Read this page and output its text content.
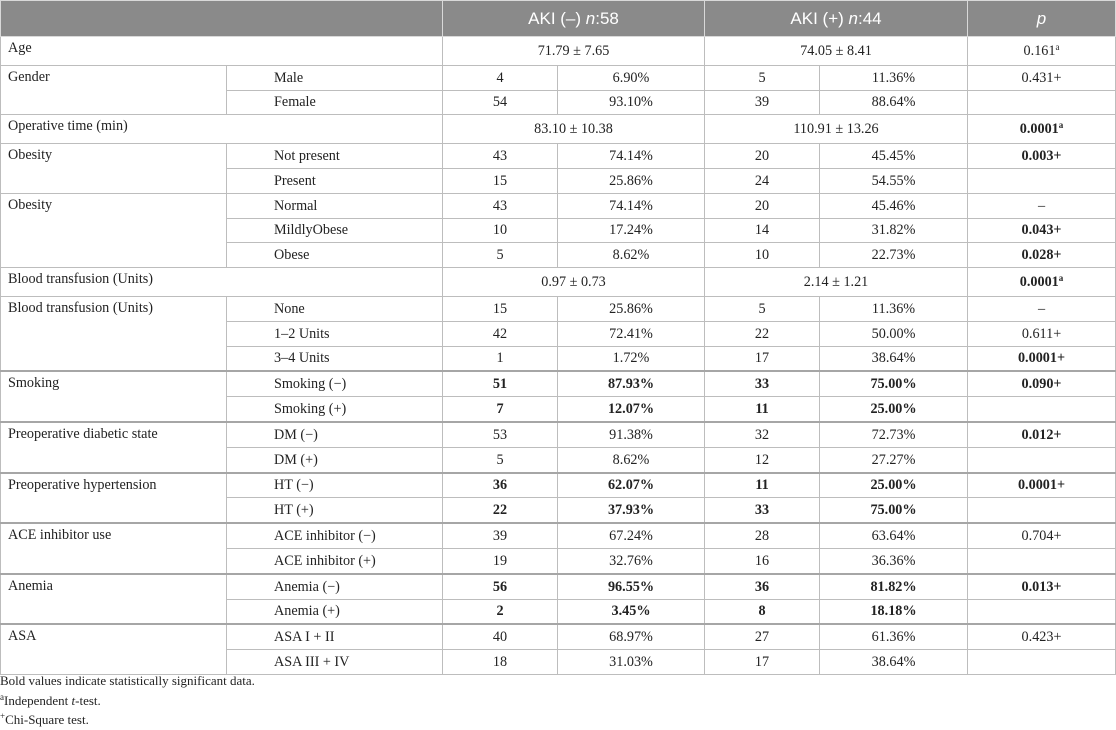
		AKI (–) n:58		AKI (+) n:44		p
Age		71.79 ± 7.65		74.05 ± 8.41		0.161$^a$
Gender	Male	4	6.90%	5	11.36%	0.431+
	Female	54	93.10%	39	88.64%	
Operative time (min)		83.10 ± 10.38		110.91 ± 13.26		0.0001$^a$
Obesity	Not present	43	74.14%	20	45.45%	0.003+
	Present	15	25.86%	24	54.55%	
Obesity	Normal	43	74.14%	20	45.46%	–
	MildlyObese	10	17.24%	14	31.82%	0.043+
	Obese	5	8.62%	10	22.73%	0.028+
Blood transfusion (Units)		0.97 ± 0.73		2.14 ± 1.21		0.0001$^a$
Blood transfusion (Units)	None	15	25.86%	5	11.36%	–
	1–2 Units	42	72.41%	22	50.00%	0.611+
	3–4 Units	1	1.72%	17	38.64%	0.0001+
Smoking	Smoking (−)	51	87.93%	33	75.00%	0.090+
	Smoking (+)	7	12.07%	11	25.00%	
Preoperative diabetic state	DM (−)	53	91.38%	32	72.73%	0.012+
	DM (+)	5	8.62%	12	27.27%	
Preoperative hypertension	HT (−)	36	62.07%	11	25.00%	0.0001+
	HT (+)	22	37.93%	33	75.00%	
ACE inhibitor use	ACE inhibitor (−)	39	67.24%	28	63.64%	0.704+
	ACE inhibitor (+)	19	32.76%	16	36.36%	
Anemia	Anemia (−)	56	96.55%	36	81.82%	0.013+
	Anemia (+)	2	3.45%	8	18.18%	
ASA	ASA I + II	40	68.97%	27	61.36%	0.423+
	ASA III + IV	18	31.03%	17	38.64%	
Bold values indicate statistically significant data.
$^a$Independent t-test.
+Chi-Square test.
